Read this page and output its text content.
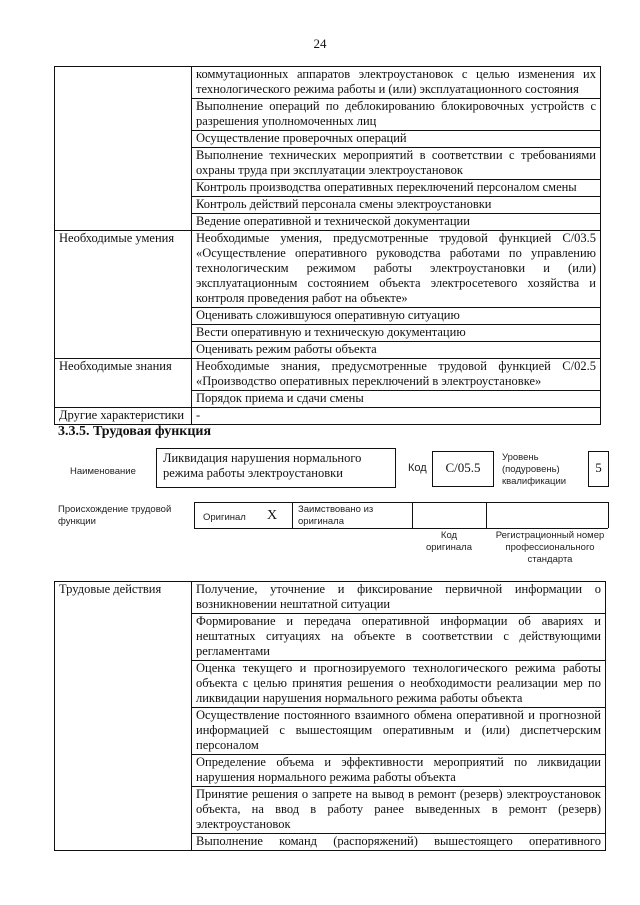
24
	коммутационных аппаратов электроустановок с целью изменения их технологического режима работы и (или) эксплуатационного состояния
	Выполнение операций по деблокированию блокировочных устройств с разрешения уполномоченных лиц
	Осуществление проверочных операций
	Выполнение технических мероприятий в соответствии с требованиями охраны труда при эксплуатации электроустановок
	Контроль производства оперативных переключений персоналом смены
	Контроль действий персонала смены электроустановки
	Ведение оперативной и технической документации
Необходимые умения	Необходимые умения, предусмотренные трудовой функцией С/03.5 «Осуществление оперативного руководства работами по управлению технологическим режимом работы электроустановки и (или) эксплуатационным состоянием объекта электросетевого хозяйства и контроля проведения работ на объекте»
	Оценивать сложившуюся оперативную ситуацию
	Вести оперативную и техническую документацию
	Оценивать режим работы объекта
Необходимые знания	Необходимые знания, предусмотренные трудовой функцией С/02.5 «Производство оперативных переключений в электроустановке»
	Порядок приема и сдачи смены
Другие характеристики	-
3.3.5. Трудовая функция
Наименование
Ликвидация нарушения нормального режима работы электроустановки	Код	С/05.5
Уровень (подуровень) квалификации
5
Происхождение трудовой функции	Оригинал X Заимствовано из оригинала
Код оригинала
Регистрационный номер профессионального стандарта
Трудовые действия	Получение, уточнение и фиксирование первичной информации о возникновении нештатной ситуации
Формирование и передача оперативной информации об авариях и нештатных ситуациях на объекте в соответствии с действующими регламентами
Оценка текущего и прогнозируемого технологического режима работы объекта с целью принятия решения о необходимости реализации мер по ликвидации нарушения нормального режима работы объекта
Осуществление постоянного взаимного обмена оперативной и прогнозной информацией с вышестоящим оперативным и (или) диспетчерским персоналом
Определение объема и эффективности мероприятий по ликвидации нарушения нормального режима работы объекта
Принятие решения о запрете на вывод в ремонт (резерв) электроустановок объекта, на ввод в работу ранее выведенных в ремонт (резерв) электроустановок
Выполнение команд (распоряжений) вышестоящего оперативного
